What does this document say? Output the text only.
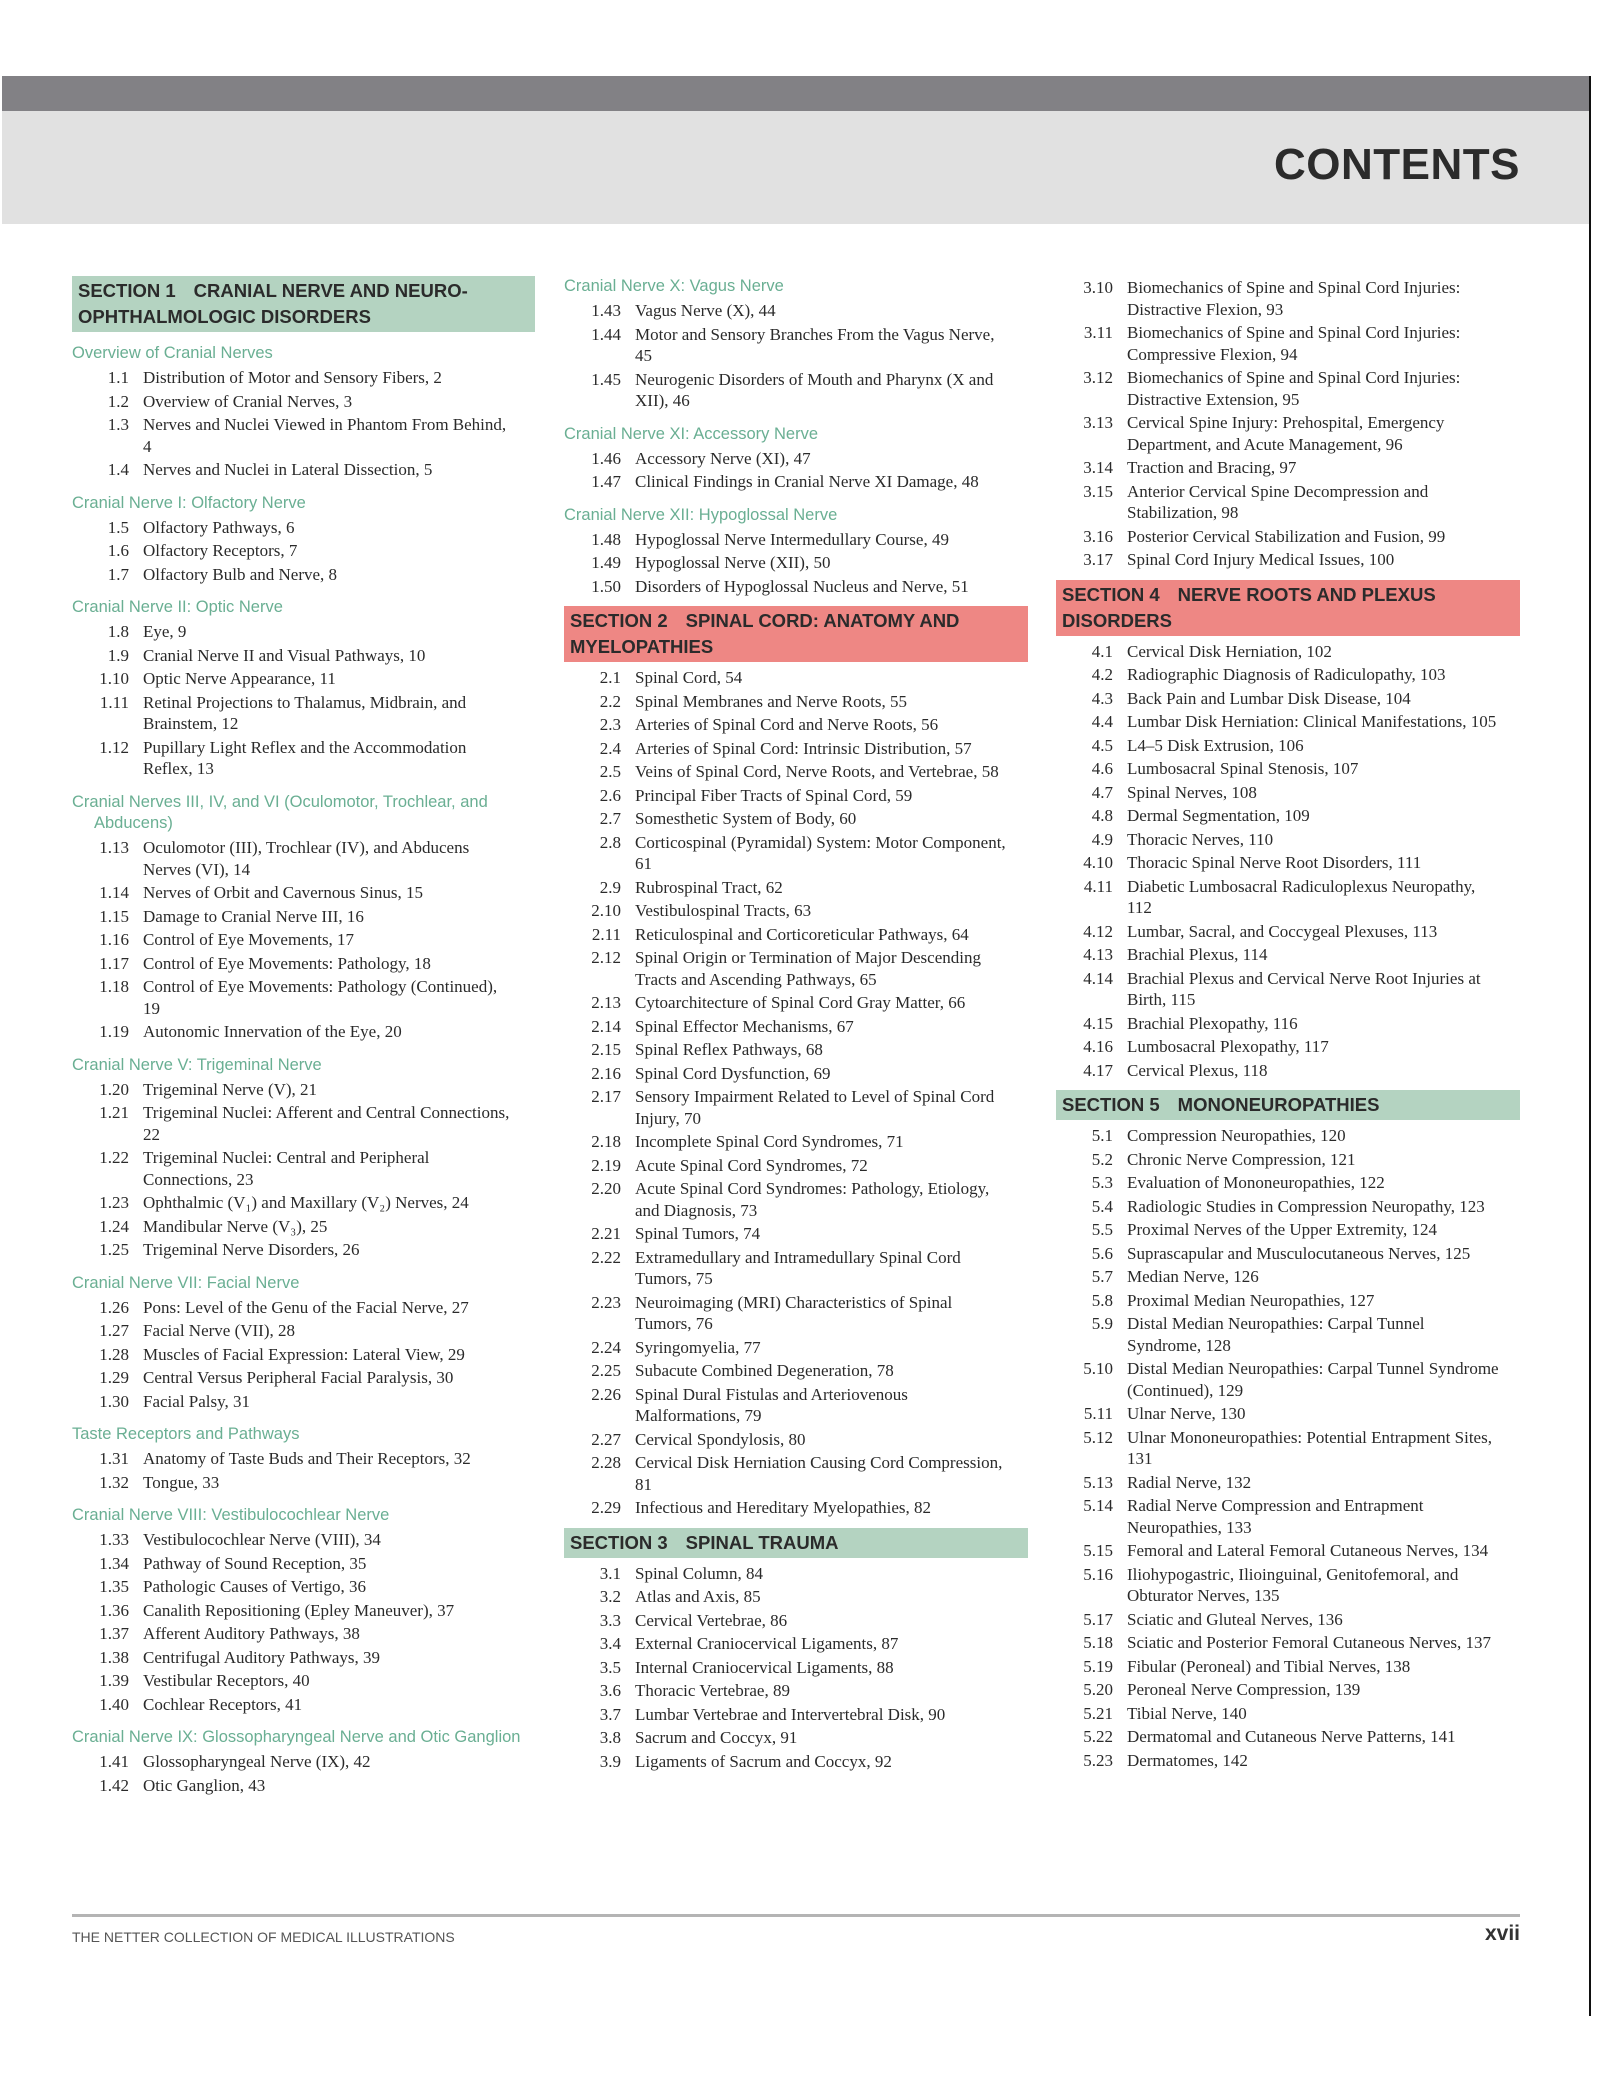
CONTENTS
SECTION 1 CRANIAL NERVE AND NEURO-OPHTHALMOLOGIC DISORDERS
Overview of Cranial Nerves
1.1 Distribution of Motor and Sensory Fibers, 2
1.2 Overview of Cranial Nerves, 3
1.3 Nerves and Nuclei Viewed in Phantom From Behind, 4
1.4 Nerves and Nuclei in Lateral Dissection, 5
Cranial Nerve I: Olfactory Nerve
1.5 Olfactory Pathways, 6
1.6 Olfactory Receptors, 7
1.7 Olfactory Bulb and Nerve, 8
Cranial Nerve II: Optic Nerve
1.8 Eye, 9
1.9 Cranial Nerve II and Visual Pathways, 10
1.10 Optic Nerve Appearance, 11
1.11 Retinal Projections to Thalamus, Midbrain, and Brainstem, 12
1.12 Pupillary Light Reflex and the Accommodation Reflex, 13
Cranial Nerves III, IV, and VI (Oculomotor, Trochlear, and Abducens)
1.13 Oculomotor (III), Trochlear (IV), and Abducens Nerves (VI), 14
1.14 Nerves of Orbit and Cavernous Sinus, 15
1.15 Damage to Cranial Nerve III, 16
1.16 Control of Eye Movements, 17
1.17 Control of Eye Movements: Pathology, 18
1.18 Control of Eye Movements: Pathology (Continued), 19
1.19 Autonomic Innervation of the Eye, 20
Cranial Nerve V: Trigeminal Nerve
1.20 Trigeminal Nerve (V), 21
1.21 Trigeminal Nuclei: Afferent and Central Connections, 22
1.22 Trigeminal Nuclei: Central and Peripheral Connections, 23
1.23 Ophthalmic (V₁) and Maxillary (V₂) Nerves, 24
1.24 Mandibular Nerve (V₃), 25
1.25 Trigeminal Nerve Disorders, 26
Cranial Nerve VII: Facial Nerve
1.26 Pons: Level of the Genu of the Facial Nerve, 27
1.27 Facial Nerve (VII), 28
1.28 Muscles of Facial Expression: Lateral View, 29
1.29 Central Versus Peripheral Facial Paralysis, 30
1.30 Facial Palsy, 31
Taste Receptors and Pathways
1.31 Anatomy of Taste Buds and Their Receptors, 32
1.32 Tongue, 33
Cranial Nerve VIII: Vestibulocochlear Nerve
1.33 Vestibulocochlear Nerve (VIII), 34
1.34 Pathway of Sound Reception, 35
1.35 Pathologic Causes of Vertigo, 36
1.36 Canalith Repositioning (Epley Maneuver), 37
1.37 Afferent Auditory Pathways, 38
1.38 Centrifugal Auditory Pathways, 39
1.39 Vestibular Receptors, 40
1.40 Cochlear Receptors, 41
Cranial Nerve IX: Glossopharyngeal Nerve and Otic Ganglion
1.41 Glossopharyngeal Nerve (IX), 42
1.42 Otic Ganglion, 43
Cranial Nerve X: Vagus Nerve
1.43 Vagus Nerve (X), 44
1.44 Motor and Sensory Branches From the Vagus Nerve, 45
1.45 Neurogenic Disorders of Mouth and Pharynx (X and XII), 46
Cranial Nerve XI: Accessory Nerve
1.46 Accessory Nerve (XI), 47
1.47 Clinical Findings in Cranial Nerve XI Damage, 48
Cranial Nerve XII: Hypoglossal Nerve
1.48 Hypoglossal Nerve Intermedullary Course, 49
1.49 Hypoglossal Nerve (XII), 50
1.50 Disorders of Hypoglossal Nucleus and Nerve, 51
SECTION 2 SPINAL CORD: ANATOMY AND MYELOPATHIES
2.1 Spinal Cord, 54
2.2 Spinal Membranes and Nerve Roots, 55
2.3 Arteries of Spinal Cord and Nerve Roots, 56
2.4 Arteries of Spinal Cord: Intrinsic Distribution, 57
2.5 Veins of Spinal Cord, Nerve Roots, and Vertebrae, 58
2.6 Principal Fiber Tracts of Spinal Cord, 59
2.7 Somesthetic System of Body, 60
2.8 Corticospinal (Pyramidal) System: Motor Component, 61
2.9 Rubrospinal Tract, 62
2.10 Vestibulospinal Tracts, 63
2.11 Reticulospinal and Corticoreticular Pathways, 64
2.12 Spinal Origin or Termination of Major Descending Tracts and Ascending Pathways, 65
2.13 Cytoarchitecture of Spinal Cord Gray Matter, 66
2.14 Spinal Effector Mechanisms, 67
2.15 Spinal Reflex Pathways, 68
2.16 Spinal Cord Dysfunction, 69
2.17 Sensory Impairment Related to Level of Spinal Cord Injury, 70
2.18 Incomplete Spinal Cord Syndromes, 71
2.19 Acute Spinal Cord Syndromes, 72
2.20 Acute Spinal Cord Syndromes: Pathology, Etiology, and Diagnosis, 73
2.21 Spinal Tumors, 74
2.22 Extramedullary and Intramedullary Spinal Cord Tumors, 75
2.23 Neuroimaging (MRI) Characteristics of Spinal Tumors, 76
2.24 Syringomyelia, 77
2.25 Subacute Combined Degeneration, 78
2.26 Spinal Dural Fistulas and Arteriovenous Malformations, 79
2.27 Cervical Spondylosis, 80
2.28 Cervical Disk Herniation Causing Cord Compression, 81
2.29 Infectious and Hereditary Myelopathies, 82
SECTION 3 SPINAL TRAUMA
3.1 Spinal Column, 84
3.2 Atlas and Axis, 85
3.3 Cervical Vertebrae, 86
3.4 External Craniocervical Ligaments, 87
3.5 Internal Craniocervical Ligaments, 88
3.6 Thoracic Vertebrae, 89
3.7 Lumbar Vertebrae and Intervertebral Disk, 90
3.8 Sacrum and Coccyx, 91
3.9 Ligaments of Sacrum and Coccyx, 92
3.10 Biomechanics of Spine and Spinal Cord Injuries: Distractive Flexion, 93
3.11 Biomechanics of Spine and Spinal Cord Injuries: Compressive Flexion, 94
3.12 Biomechanics of Spine and Spinal Cord Injuries: Distractive Extension, 95
3.13 Cervical Spine Injury: Prehospital, Emergency Department, and Acute Management, 96
3.14 Traction and Bracing, 97
3.15 Anterior Cervical Spine Decompression and Stabilization, 98
3.16 Posterior Cervical Stabilization and Fusion, 99
3.17 Spinal Cord Injury Medical Issues, 100
SECTION 4 NERVE ROOTS AND PLEXUS DISORDERS
4.1 Cervical Disk Herniation, 102
4.2 Radiographic Diagnosis of Radiculopathy, 103
4.3 Back Pain and Lumbar Disk Disease, 104
4.4 Lumbar Disk Herniation: Clinical Manifestations, 105
4.5 L4–5 Disk Extrusion, 106
4.6 Lumbosacral Spinal Stenosis, 107
4.7 Spinal Nerves, 108
4.8 Dermal Segmentation, 109
4.9 Thoracic Nerves, 110
4.10 Thoracic Spinal Nerve Root Disorders, 111
4.11 Diabetic Lumbosacral Radiculoplexus Neuropathy, 112
4.12 Lumbar, Sacral, and Coccygeal Plexuses, 113
4.13 Brachial Plexus, 114
4.14 Brachial Plexus and Cervical Nerve Root Injuries at Birth, 115
4.15 Brachial Plexopathy, 116
4.16 Lumbosacral Plexopathy, 117
4.17 Cervical Plexus, 118
SECTION 5 MONONEUROPATHIES
5.1 Compression Neuropathies, 120
5.2 Chronic Nerve Compression, 121
5.3 Evaluation of Mononeuropathies, 122
5.4 Radiologic Studies in Compression Neuropathy, 123
5.5 Proximal Nerves of the Upper Extremity, 124
5.6 Suprascapular and Musculocutaneous Nerves, 125
5.7 Median Nerve, 126
5.8 Proximal Median Neuropathies, 127
5.9 Distal Median Neuropathies: Carpal Tunnel Syndrome, 128
5.10 Distal Median Neuropathies: Carpal Tunnel Syndrome (Continued), 129
5.11 Ulnar Nerve, 130
5.12 Ulnar Mononeuropathies: Potential Entrapment Sites, 131
5.13 Radial Nerve, 132
5.14 Radial Nerve Compression and Entrapment Neuropathies, 133
5.15 Femoral and Lateral Femoral Cutaneous Nerves, 134
5.16 Iliohypogastric, Ilioinguinal, Genitofemoral, and Obturator Nerves, 135
5.17 Sciatic and Gluteal Nerves, 136
5.18 Sciatic and Posterior Femoral Cutaneous Nerves, 137
5.19 Fibular (Peroneal) and Tibial Nerves, 138
5.20 Peroneal Nerve Compression, 139
5.21 Tibial Nerve, 140
5.22 Dermatomal and Cutaneous Nerve Patterns, 141
5.23 Dermatomes, 142
THE NETTER COLLECTION OF MEDICAL ILLUSTRATIONS	xvii
